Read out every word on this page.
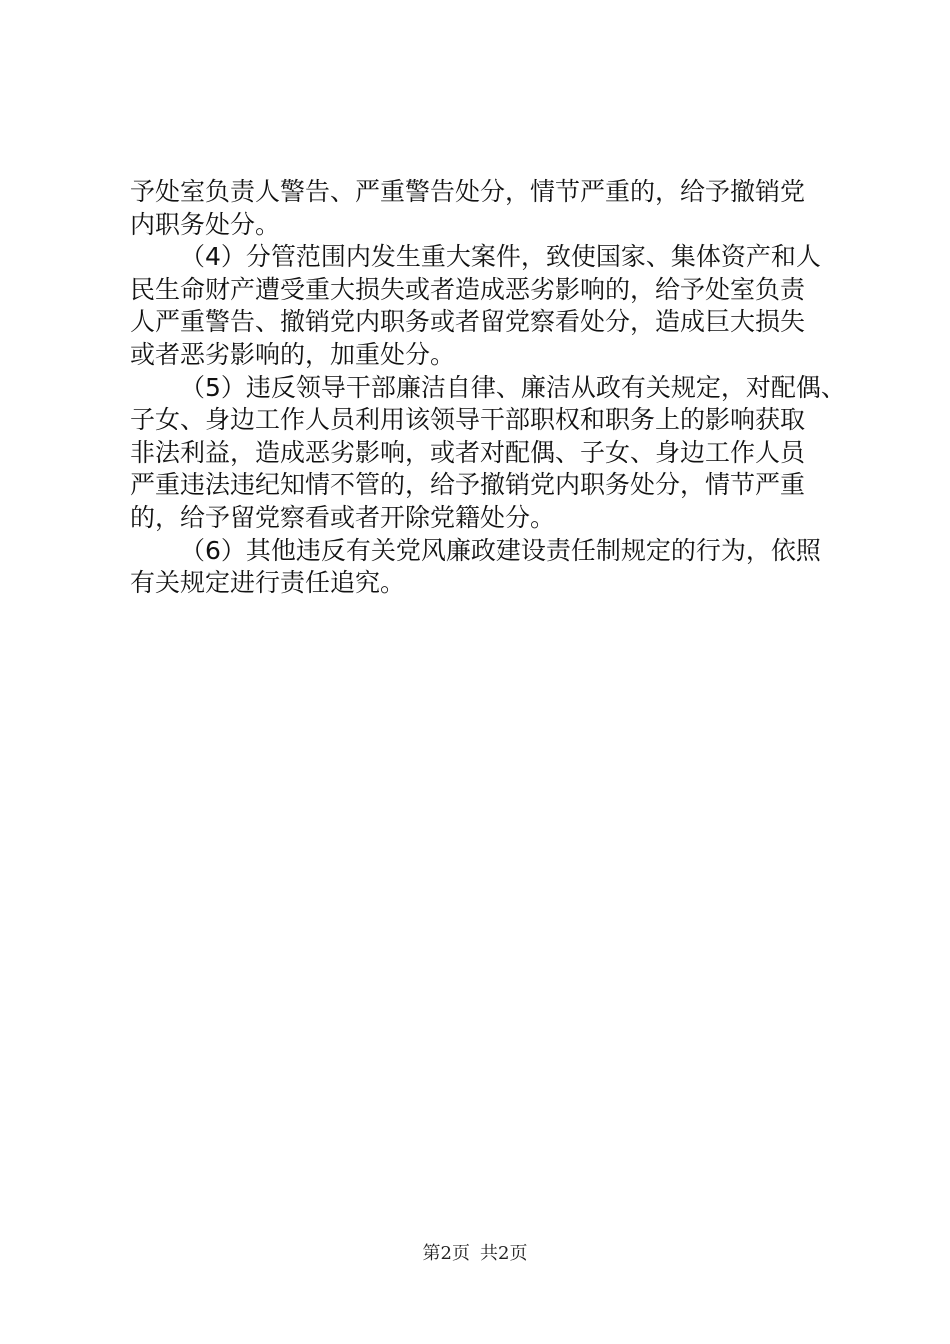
予处室负责人警告、严重警告处分，情节严重的，给予撤销党
内职务处分。
（4）分管范围内发生重大案件，致使国家、集体资产和人
民生命财产遭受重大损失或者造成恶劣影响的，给予处室负责
人严重警告、撤销党内职务或者留党察看处分，造成巨大损失
或者恶劣影响的，加重处分。
（5）违反领导干部廉洁自律、廉洁从政有关规定，对配偶、
子女、身边工作人员利用该领导干部职权和职务上的影响获取
非法利益，造成恶劣影响，或者对配偶、子女、身边工作人员
严重违法违纪知情不管的，给予撤销党内职务处分，情节严重
的，给予留党察看或者开除党籍处分。
（6）其他违反有关党风廉政建设责任制规定的行为，依照
有关规定进行责任追究。
第2页 共2页
